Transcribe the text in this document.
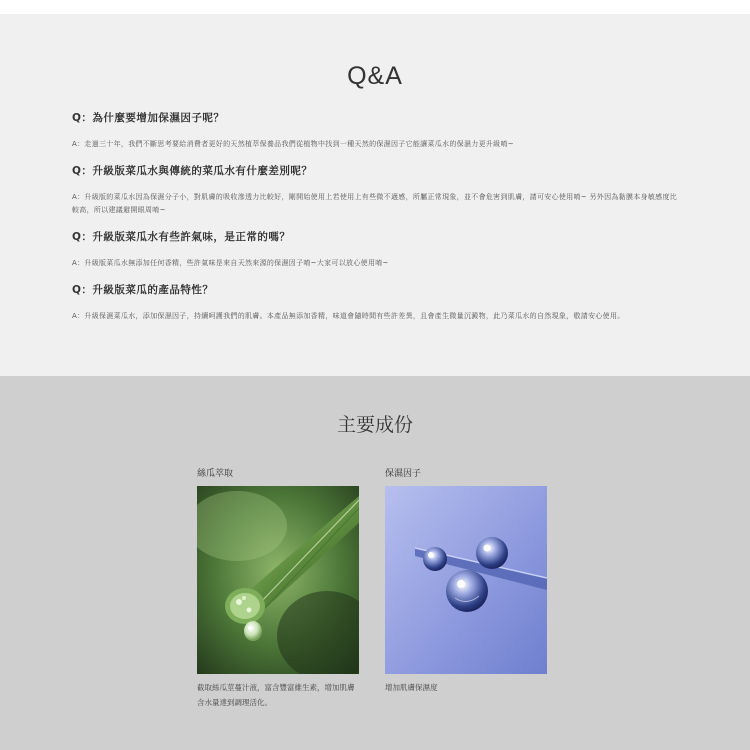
Q&A

Q：為什麼要增加保濕因子呢？

A：走過三十年，我們不斷思考要給消費者更好的天然植萃保養品我們從植物中找到一種天然的保濕因子它能讓菜瓜水的保濕力更升級唷~

Q：升級版菜瓜水與傳統的菜瓜水有什麼差別呢？

A：升級版的菜瓜水因為保濕分子小，對肌膚的吸收滲透力比較好，剛開始使用上若使用上有些微不適感，所屬正常現象，並不會危害到肌膚，請可安心使用唷~ 另外因為黏膜本身敏感度比較高，所以建議避開眼周唷~

Q：升級版菜瓜水有些許氣味，是正常的嗎？

A：升級版菜瓜水無添加任何香精，些許氣味是來自天然來源的保濕因子唷~大家可以放心使用唷~

Q：升級版菜瓜的產品特性？

A：升級保濕菜瓜水，添加保濕因子，持續呵護我們的肌膚。本產品無添加香精，味道會隨時間有些許差異，且會產生微量沉澱物，此乃菜瓜水的自然現象，敬請安心使用。

主要成份
絲瓜萃取
截取絲瓜莖蔓汁液，富含豐富維生素，增加肌膚含水量達到調理活化。
保濕因子
增加肌膚保濕度
